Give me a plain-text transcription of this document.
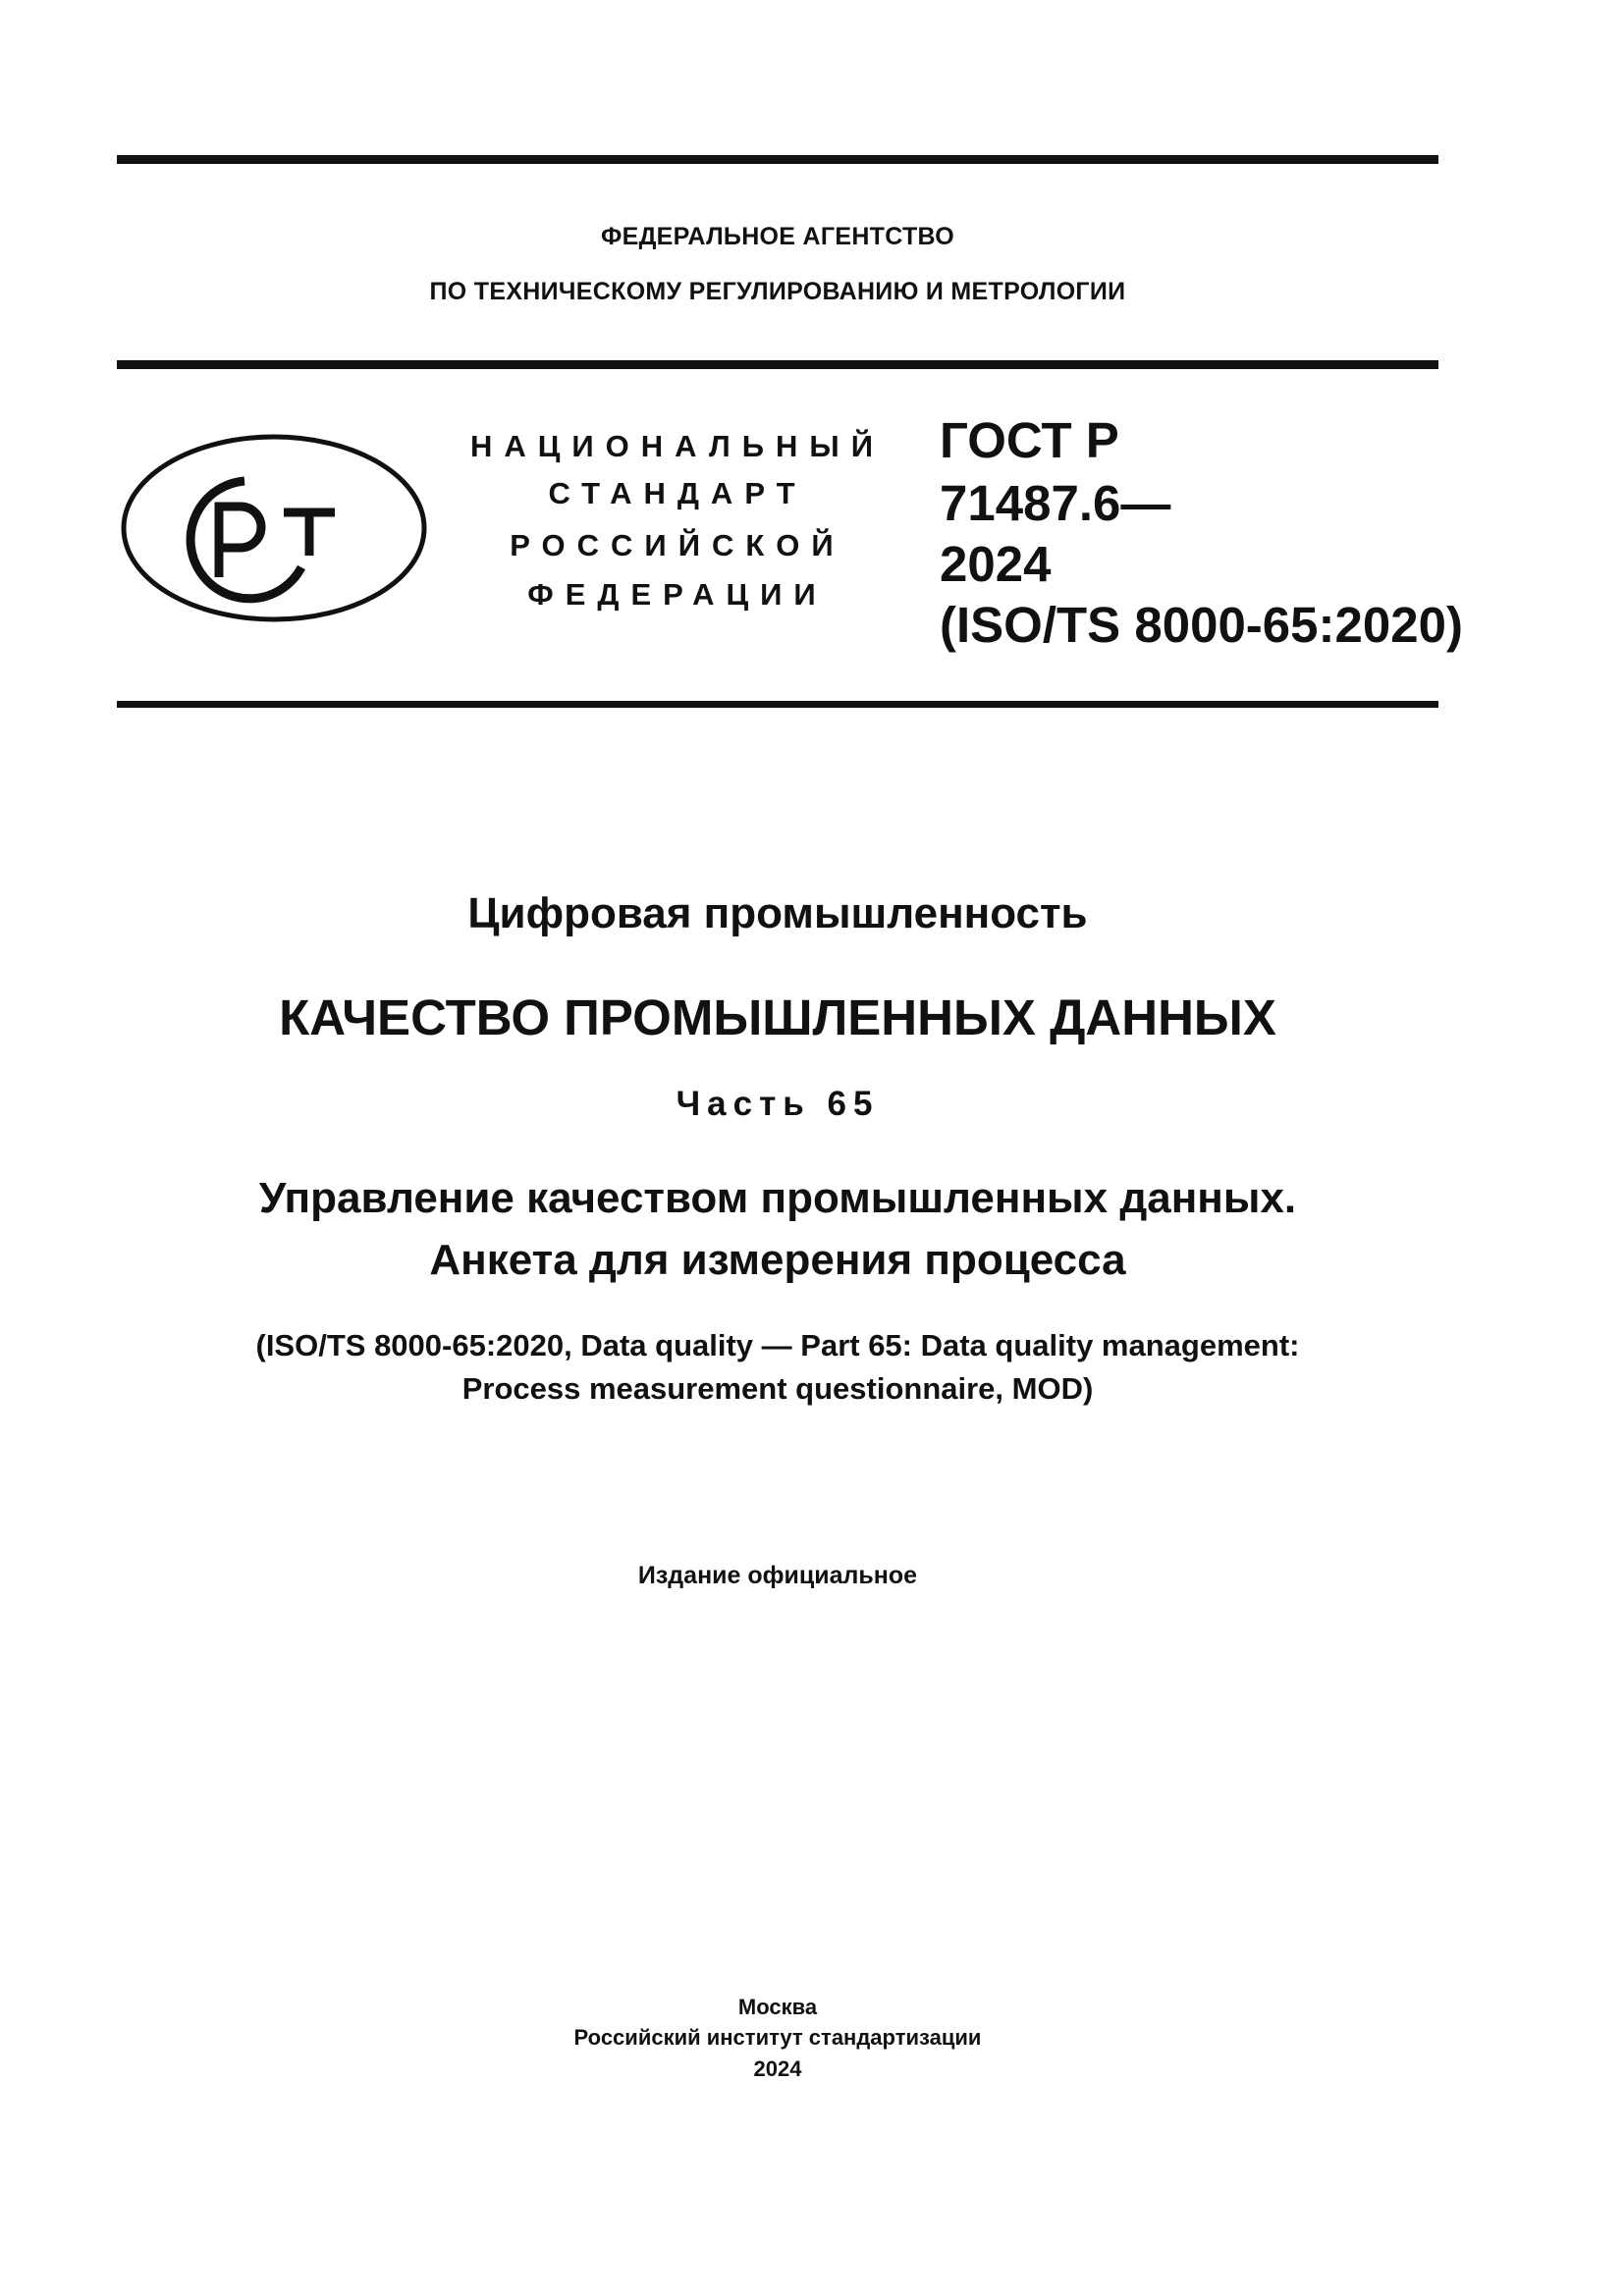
ФЕДЕРАЛЬНОЕ АГЕНТСТВО
ПО ТЕХНИЧЕСКОМУ РЕГУЛИРОВАНИЮ И МЕТРОЛОГИИ
НАЦИОНАЛЬНЫЙ
СТАНДАРТ
РОССИЙСКОЙ
ФЕДЕРАЦИИ
ГОСТ Р
71487.6—
2024
(ISO/TS 8000-65:2020)
Цифровая промышленность
КАЧЕСТВО ПРОМЫШЛЕННЫХ ДАННЫХ
Часть 65
Управление качеством промышленных данных.
Анкета для измерения процесса
(ISO/TS 8000-65:2020, Data quality — Part 65: Data quality management:
Process measurement questionnaire, MOD)
Издание официальное
Москва
Российский институт стандартизации
2024
